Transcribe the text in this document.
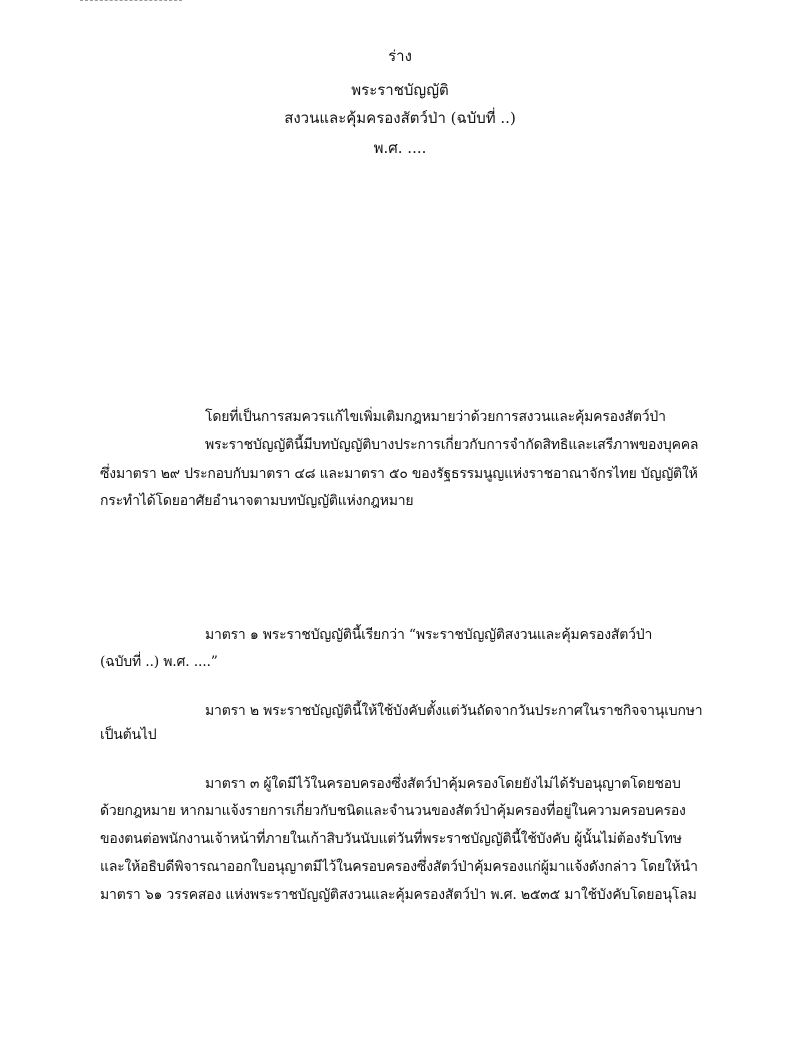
ร่าง
พระราชบัญญัติ
สงวนและคุ้มครองสัตว์ป่า (ฉบับที่ ..)
พ.ศ. ....
โดยที่เป็นการสมควรแก้ไขเพิ่มเติมกฎหมายว่าด้วยการสงวนและคุ้มครองสัตว์ป่า
พระราชบัญญัตินี้มีบทบัญญัติบางประการเกี่ยวกับการจำกัดสิทธิและเสรีภาพของบุคคล
ซึ่งมาตรา ๒๙ ประกอบกับมาตรา ๔๘ และมาตรา ๕๐ ของรัฐธรรมนูญแห่งราชอาณาจักรไทย บัญญัติให้
กระทำได้โดยอาศัยอำนาจตามบทบัญญัติแห่งกฎหมาย
มาตรา ๑ พระราชบัญญัตินี้เรียกว่า “พระราชบัญญัติสงวนและคุ้มครองสัตว์ป่า
(ฉบับที่ ..) พ.ศ. ....”
มาตรา ๒ พระราชบัญญัตินี้ให้ใช้บังคับตั้งแต่วันถัดจากวันประกาศในราชกิจจานุเบกษา
เป็นต้นไป
มาตรา ๓ ผู้ใดมีไว้ในครอบครองซึ่งสัตว์ป่าคุ้มครองโดยยังไม่ได้รับอนุญาตโดยชอบ
ด้วยกฎหมาย หากมาแจ้งรายการเกี่ยวกับชนิดและจำนวนของสัตว์ป่าคุ้มครองที่อยู่ในความครอบครอง
ของตนต่อพนักงานเจ้าหน้าที่ภายในเก้าสิบวันนับแต่วันที่พระราชบัญญัตินี้ใช้บังคับ ผู้นั้นไม่ต้องรับโทษ
และให้อธิบดีพิจารณาออกใบอนุญาตมีไว้ในครอบครองซึ่งสัตว์ป่าคุ้มครองแก่ผู้มาแจ้งดังกล่าว โดยให้นำ
มาตรา ๖๑ วรรคสอง แห่งพระราชบัญญัติสงวนและคุ้มครองสัตว์ป่า พ.ศ. ๒๕๓๕ มาใช้บังคับโดยอนุโลม
